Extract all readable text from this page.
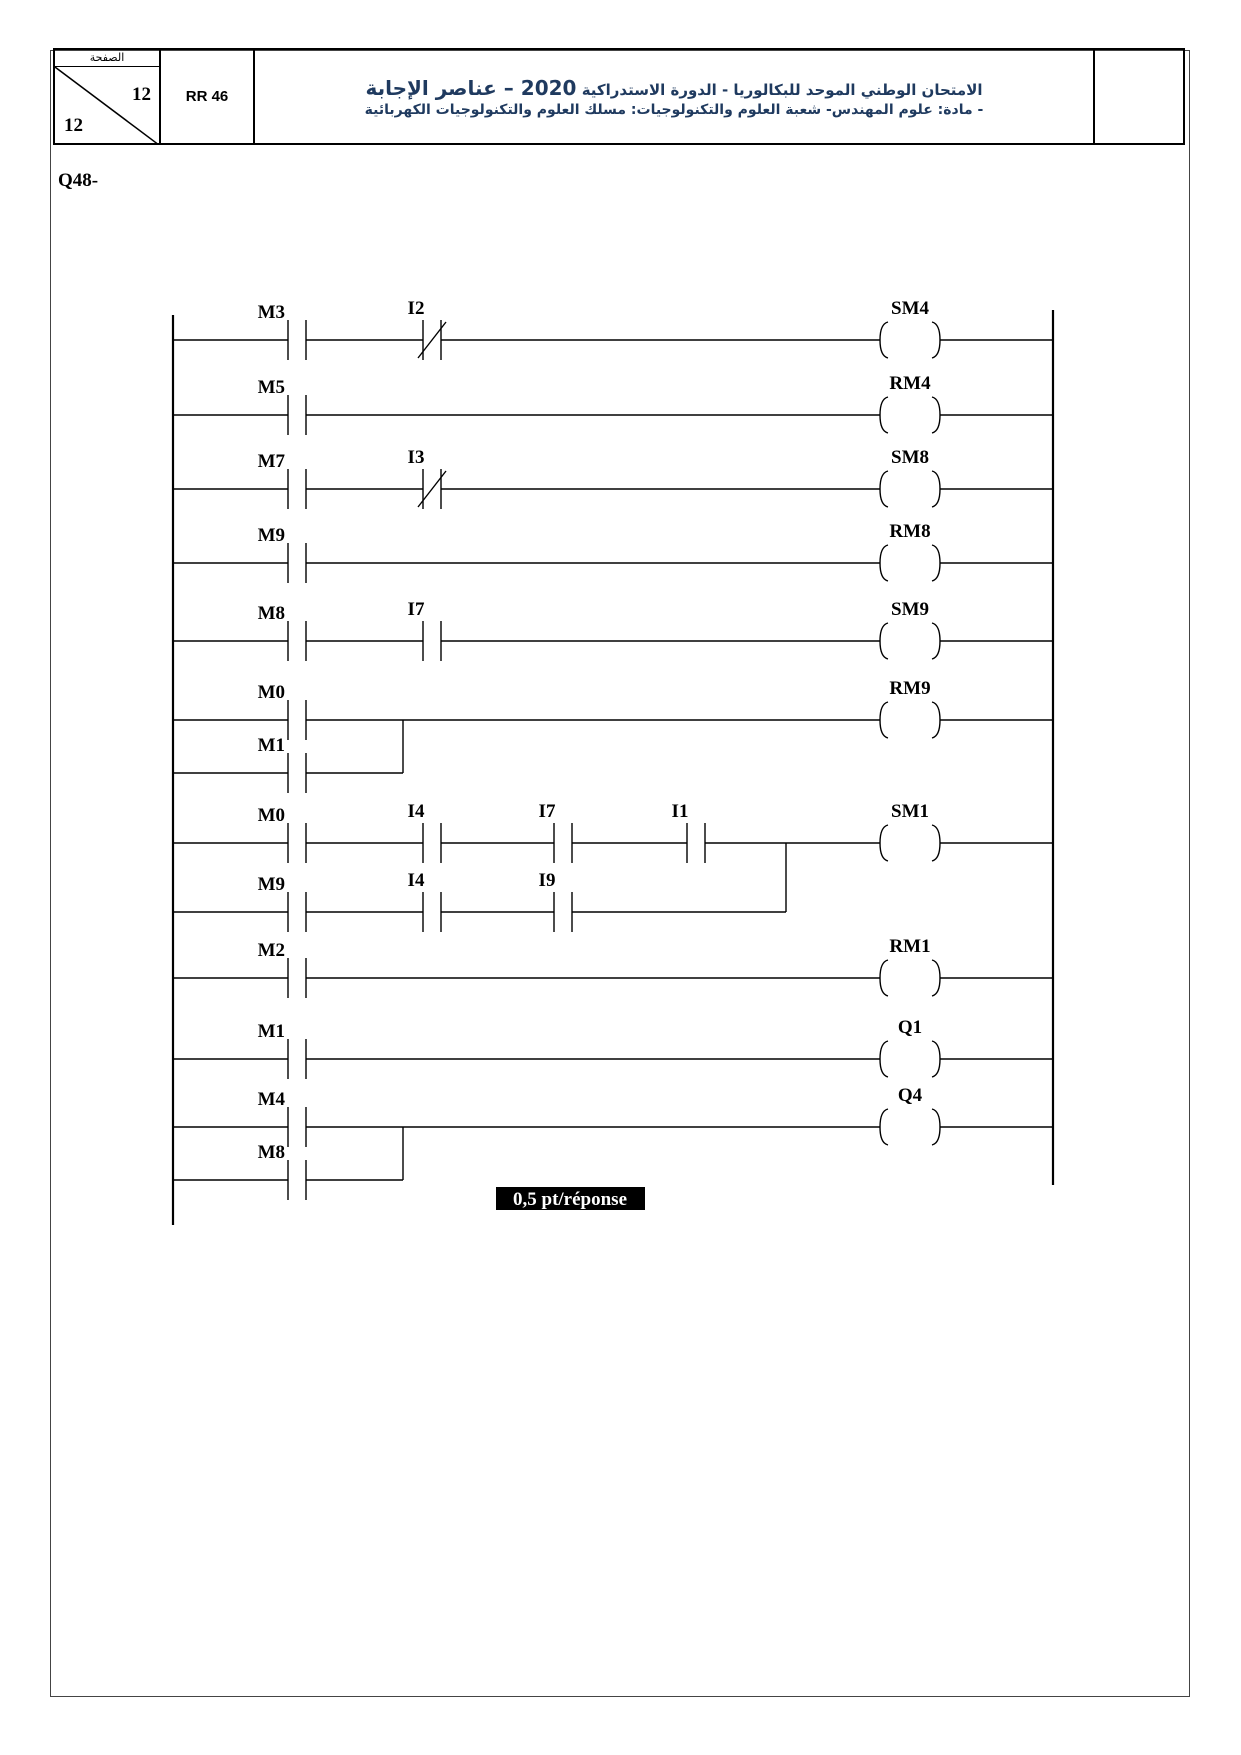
الصفحة
12
12
RR 46	الامتحان الوطني الموحد للبكالوريا - الدورة الاستدراكية 2020 – عناصر الإجابة
- مادة: علوم المهندس- شعبة العلوم والتكنولوجيات: مسلك العلوم والتكنولوجيات الكهربائية
Q48-
M3	I2	SM4
M5	RM4
M7	I3	SM8
M9	RM8
M8	I7	SM9
M0	RM9
M1
M0	I4	I7	I1	SM1
M9	I4	I9
M2	RM1
M1	Q1
M4	Q4
M8
0,5 pt/réponse
